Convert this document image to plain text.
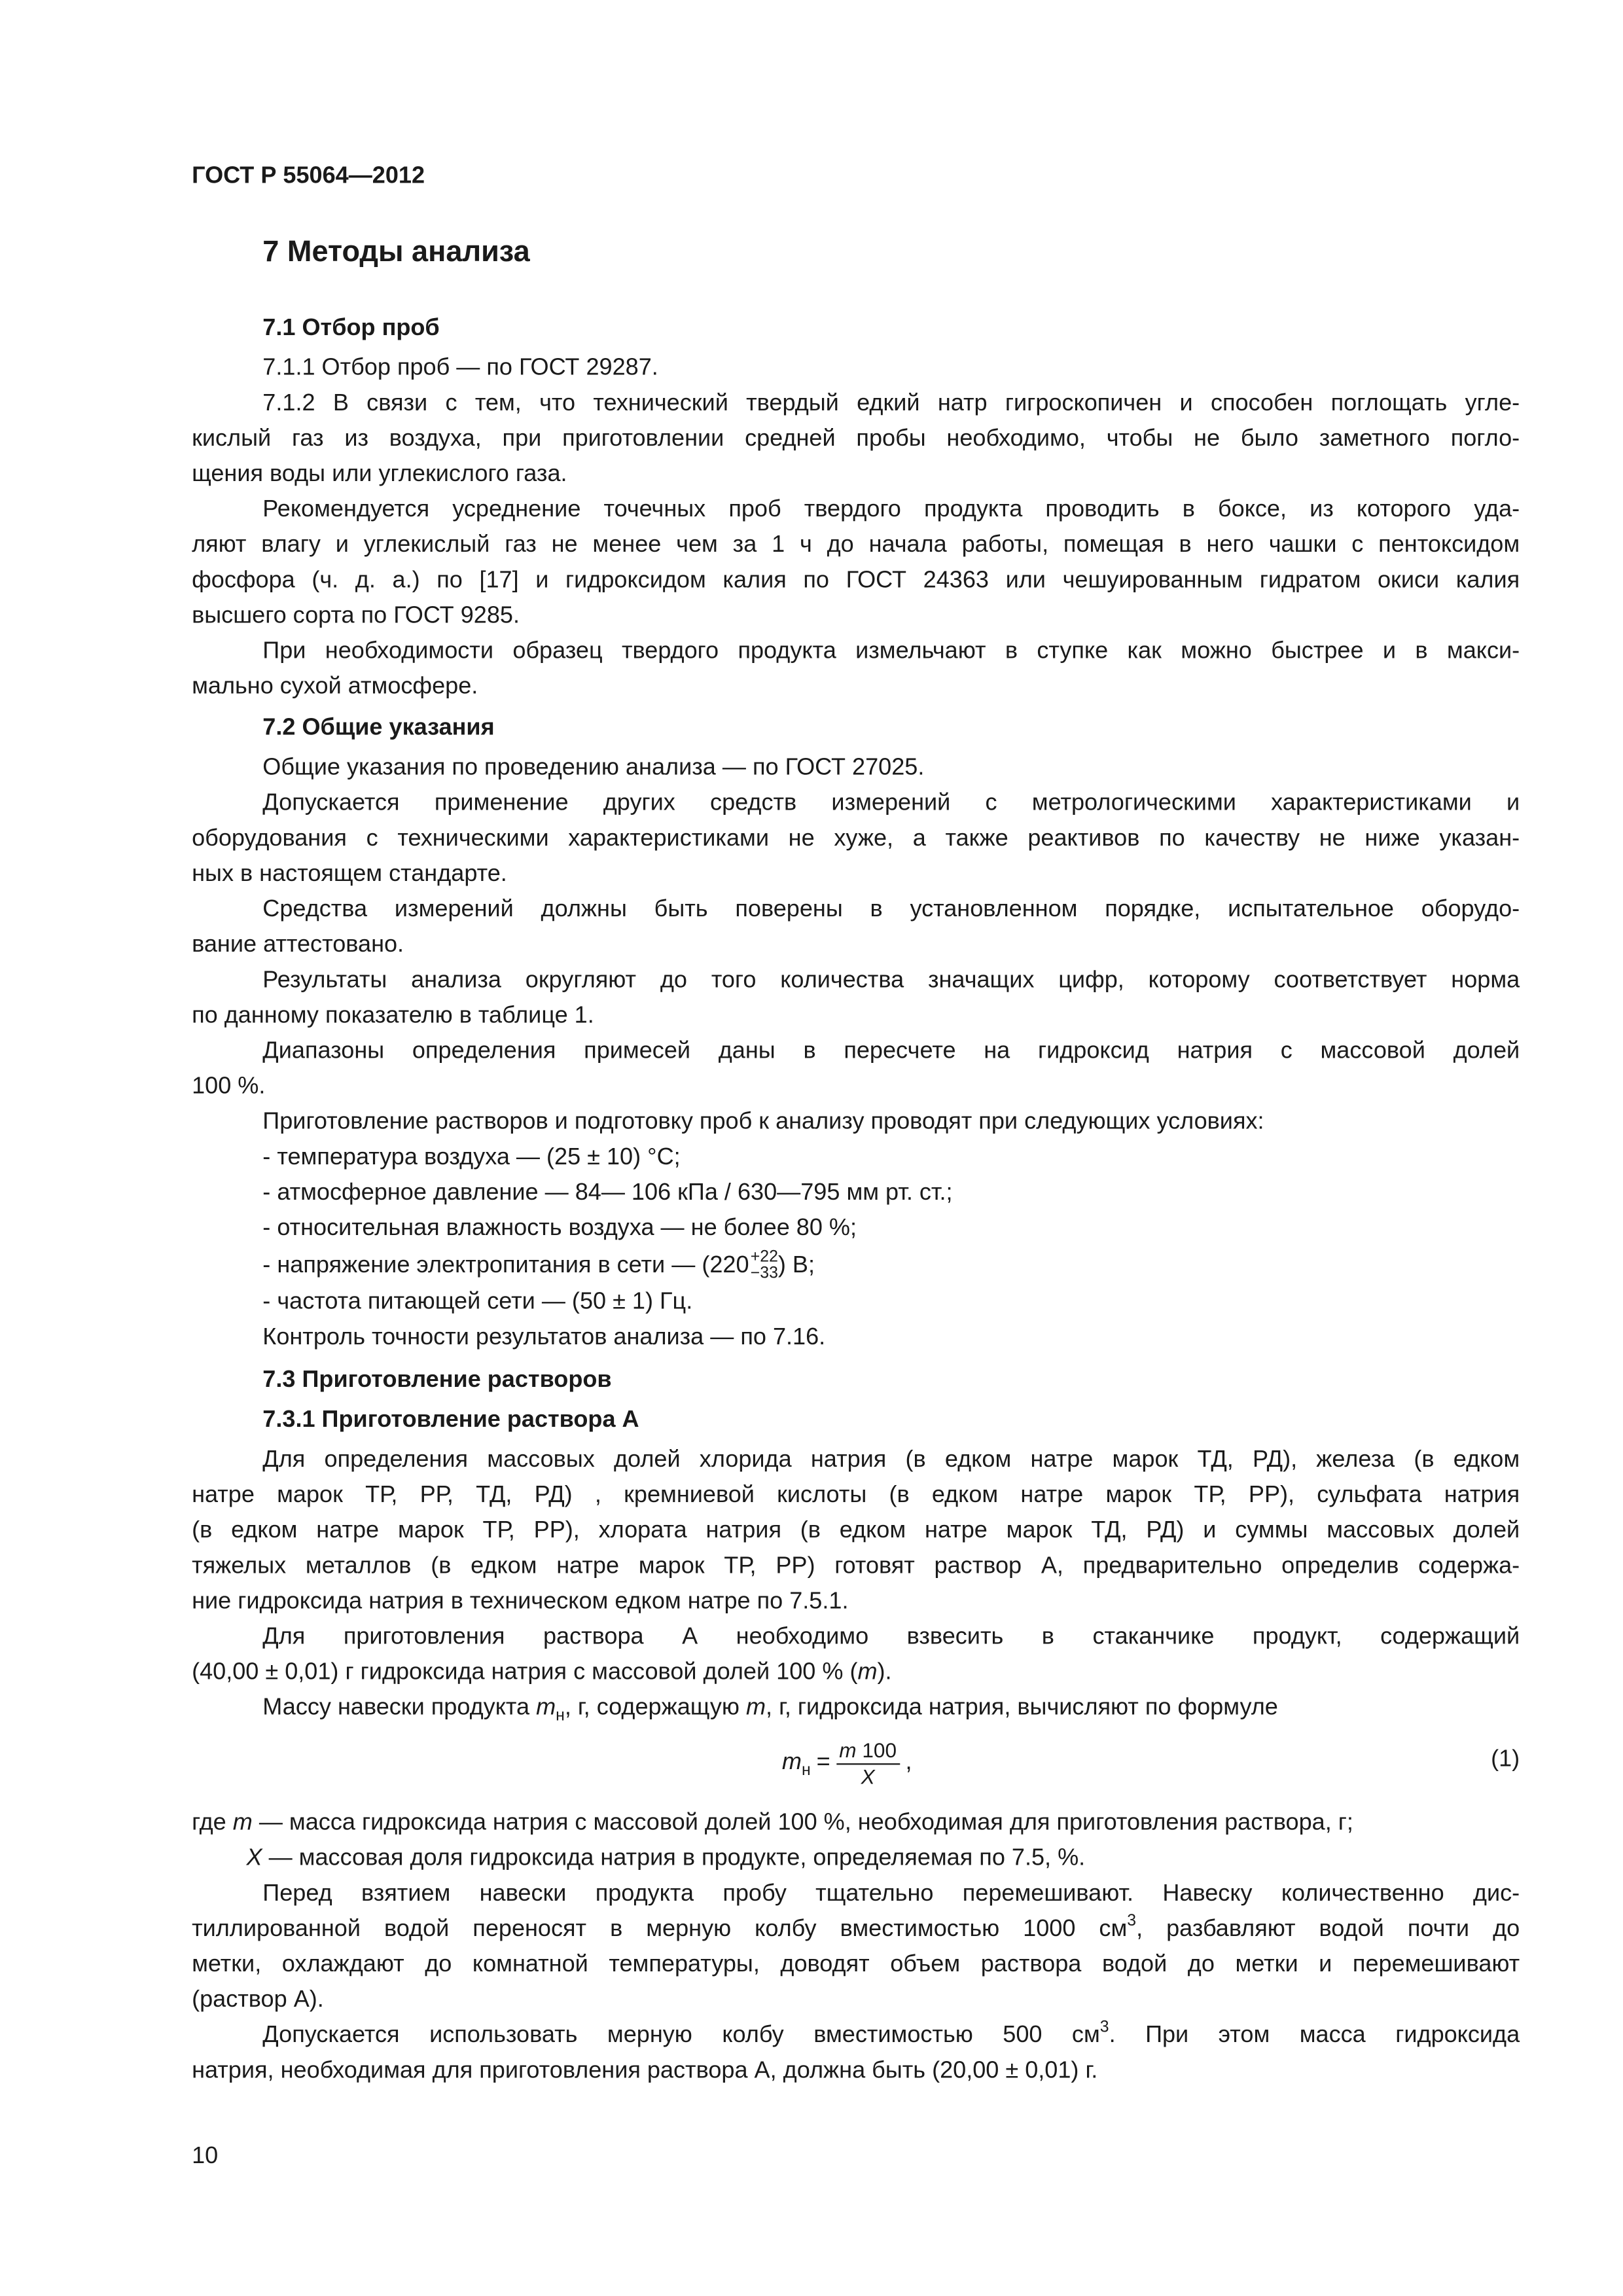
ГОСТ Р 55064—2012
7 Методы анализа
7.1 Отбор проб
7.1.1 Отбор проб — по ГОСТ 29287.
7.1.2 В связи с тем, что технический твердый едкий натр гигроскопичен и способен поглощать угле-
кислый газ из воздуха, при приготовлении средней пробы необходимо, чтобы не было заметного погло-
щения воды или углекислого газа.
Рекомендуется усреднение точечных проб твердого продукта проводить в боксе, из которого уда-
ляют влагу и углекислый газ не менее чем за 1 ч до начала работы, помещая в него чашки с пентоксидом
фосфора (ч. д. а.) по [17] и гидроксидом калия по ГОСТ 24363 или чешуированным гидратом окиси калия
высшего сорта по ГОСТ 9285.
При необходимости образец твердого продукта измельчают в ступке как можно быстрее и в макси-
мально сухой атмосфере.
7.2 Общие указания
Общие указания по проведению анализа — по ГОСТ 27025.
Допускается применение других средств измерений с метрологическими характеристиками и
оборудования с техническими характеристиками не хуже, а также реактивов по качеству не ниже указан-
ных в настоящем стандарте.
Средства измерений должны быть поверены в установленном порядке, испытательное оборудо-
вание аттестовано.
Результаты анализа округляют до того количества значащих цифр, которому соответствует норма
по данному показателю в таблице 1.
Диапазоны определения примесей даны в пересчете на гидроксид натрия с массовой долей
100 %.
Приготовление растворов и подготовку проб к анализу проводят при следующих условиях:
- температура воздуха — (25 ± 10) °С;
- атмосферное давление — 84— 106 кПа / 630—795 мм рт. ст.;
- относительная влажность воздуха — не более 80 %;
- напряжение электропитания в сети — (220 +22
−33 ) В;
- частота питающей сети — (50 ± 1) Гц.
Контроль точности результатов анализа — по 7.16.
7.3 Приготовление растворов
7.3.1 Приготовление раствора А
Для определения массовых долей хлорида натрия (в едком натре марок ТД, РД), железа (в едком
натре марок ТР, РР, ТД, РД) , кремниевой кислоты (в едком натре марок ТР, РР), сульфата натрия
(в едком натре марок ТР, РР), хлората натрия (в едком натре марок ТД, РД) и суммы массовых долей
тяжелых металлов (в едком натре марок ТР, РР) готовят раствор А, предварительно определив содержа-
ние гидроксида натрия в техническом едком натре по 7.5.1.
Для приготовления раствора А необходимо взвесить в стаканчике продукт, содержащий
(40,00 ± 0,01) г гидроксида натрия с массовой долей 100 % (m).
Массу навески продукта $m_н$, г, содержащую m, г, гидроксида натрия, вычисляют по формуле
$m_н = \frac{m 100}{X}$ ,	(1)
где m — масса гидроксида натрия с массовой долей 100 %, необходимая для приготовления раствора, г;
X — массовая доля гидроксида натрия в продукте, определяемая по 7.5, %.
Перед взятием навески продукта пробу тщательно перемешивают. Навеску количественно дис-
тиллированной водой переносят в мерную колбу вместимостью 1000 $см^3$, разбавляют водой почти до
метки, охлаждают до комнатной температуры, доводят объем раствора водой до метки и перемешивают
(раствор А).
Допускается использовать мерную колбу вместимостью 500 $см^3$. При этом масса гидроксида
натрия, необходимая для приготовления раствора А, должна быть (20,00 ± 0,01) г.
10
